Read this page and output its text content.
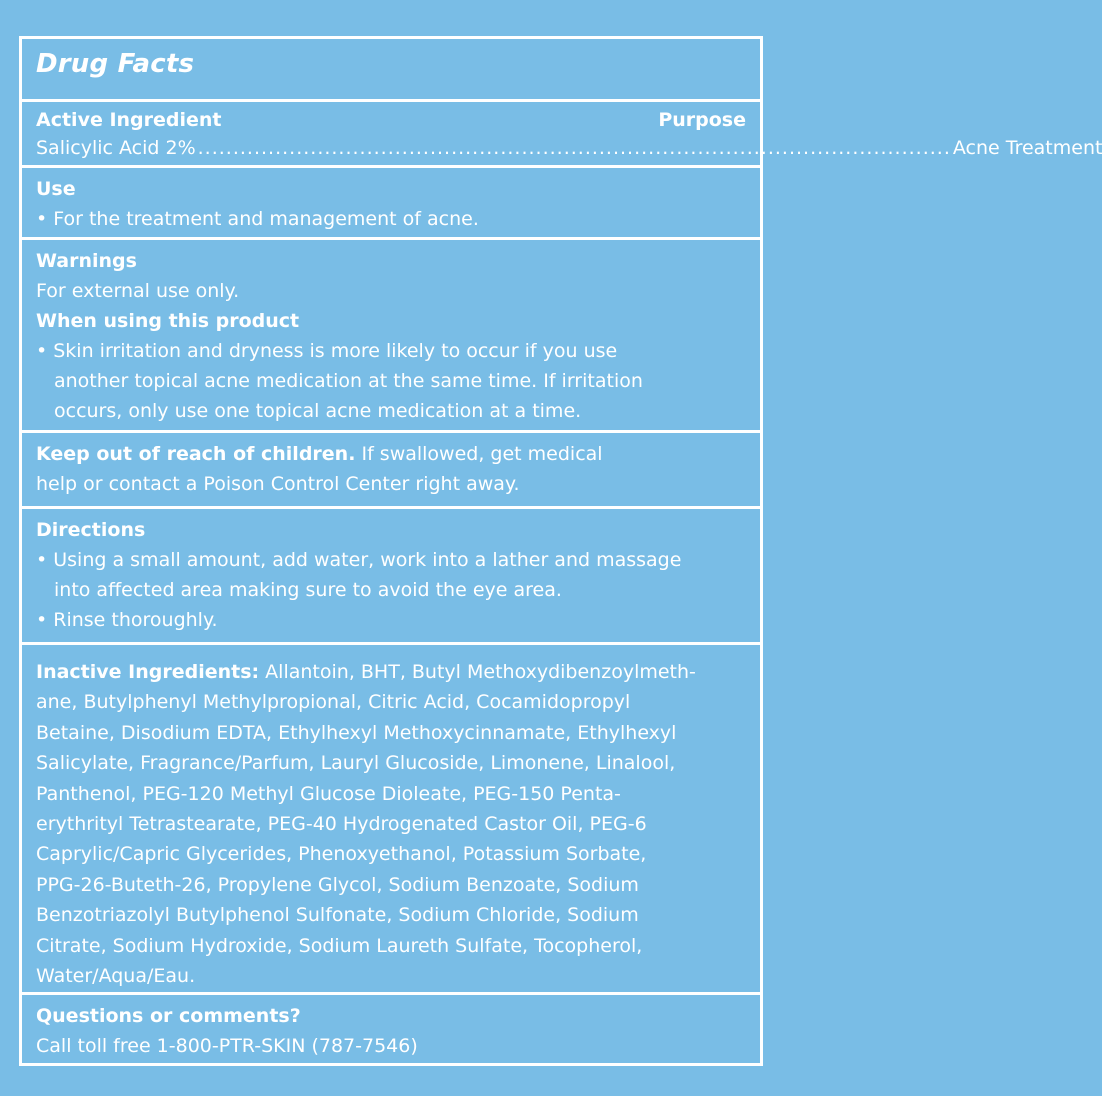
Drug Facts
Active Ingredient	Purpose
Salicylic Acid 2% ........................................................................................................... Acne Treatment
Use
• For the treatment and management of acne.
Warnings
For external use only.
When using this product
• Skin irritation and dryness is more likely to occur if you use
another topical acne medication at the same time. If irritation
occurs, only use one topical acne medication at a time.
Keep out of reach of children. If swallowed, get medical
help or contact a Poison Control Center right away.
Directions
• Using a small amount, add water, work into a lather and massage
into affected area making sure to avoid the eye area.
• Rinse thoroughly.
Inactive Ingredients: Allantoin, BHT, Butyl Methoxydibenzoylmeth-
ane, Butylphenyl Methylpropional, Citric Acid, Cocamidopropyl
Betaine, Disodium EDTA, Ethylhexyl Methoxycinnamate, Ethylhexyl
Salicylate, Fragrance/Parfum, Lauryl Glucoside, Limonene, Linalool,
Panthenol, PEG-120 Methyl Glucose Dioleate, PEG-150 Penta-
erythrityl Tetrastearate, PEG-40 Hydrogenated Castor Oil, PEG-6
Caprylic/Capric Glycerides, Phenoxyethanol, Potassium Sorbate,
PPG-26-Buteth-26, Propylene Glycol, Sodium Benzoate, Sodium
Benzotriazolyl Butylphenol Sulfonate, Sodium Chloride, Sodium
Citrate, Sodium Hydroxide, Sodium Laureth Sulfate, Tocopherol,
Water/Aqua/Eau.
Questions or comments?
Call toll free 1-800-PTR-SKIN (787-7546)
